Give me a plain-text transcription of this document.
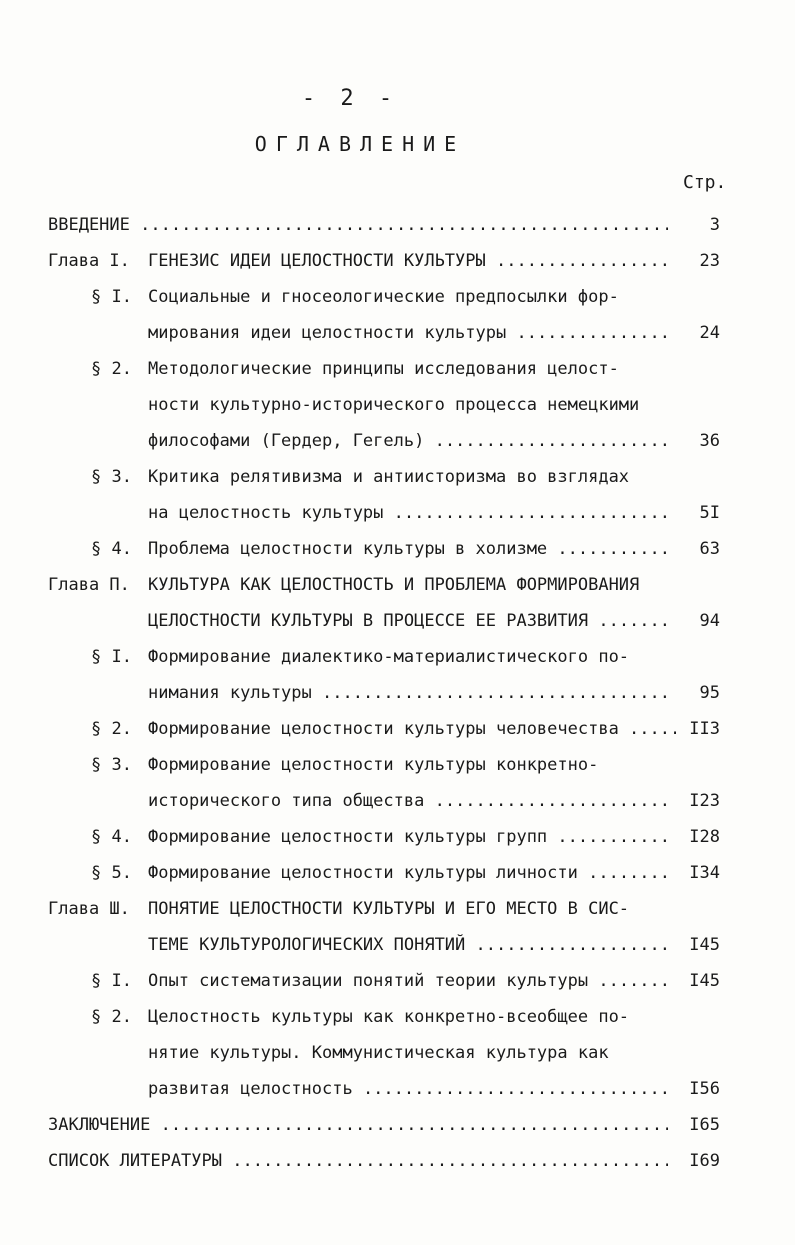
- 2 -
ОГЛАВЛЕНИЕ
Стр.
ВВЕДЕНИЕ .....	3
Глава I. ГЕНЕЗИС ИДЕИ ЦЕЛОСТНОСТИ КУЛЬТУРЫ .....	23
§ I. Социальные и гносеологические предпосылки фор-
мирования идеи целостности культуры .....	24
§ 2. Методологические принципы исследования целост-
ности культурно-исторического процесса немецкими
философами (Гердер, Гегель) .....	36
§ 3. Критика релятивизма и антиисторизма во взглядах
на целостность культуры .....	5I
§ 4. Проблема целостности культуры в холизме .....	63
Глава П. КУЛЬТУРА КАК ЦЕЛОСТНОСТЬ И ПРОБЛЕМА ФОРМИРОВАНИЯ
ЦЕЛОСТНОСТИ КУЛЬТУРЫ В ПРОЦЕССЕ ЕЕ РАЗВИТИЯ .....	94
§ I. Формирование диалектико-материалистического по-
нимания культуры .....	95
§ 2. Формирование целостности культуры человечества .....	II3
§ 3. Формирование целостности культуры конкретно-
исторического типа общества .....	I23
§ 4. Формирование целостности культуры групп .....	I28
§ 5. Формирование целостности культуры личности .....	I34
Глава Ш. ПОНЯТИЕ ЦЕЛОСТНОСТИ КУЛЬТУРЫ И ЕГО МЕСТО В СИС-
ТЕМЕ КУЛЬТУРОЛОГИЧЕСКИХ ПОНЯТИЙ .....	I45
§ I. Опыт систематизации понятий теории культуры .....	I45
§ 2. Целостность культуры как конкретно-всеобщее по-
нятие культуры. Коммунистическая культура как
развитая целостность .....	I56
ЗАКЛЮЧЕНИЕ .....	I65
СПИСОК ЛИТЕРАТУРЫ .....	I69
